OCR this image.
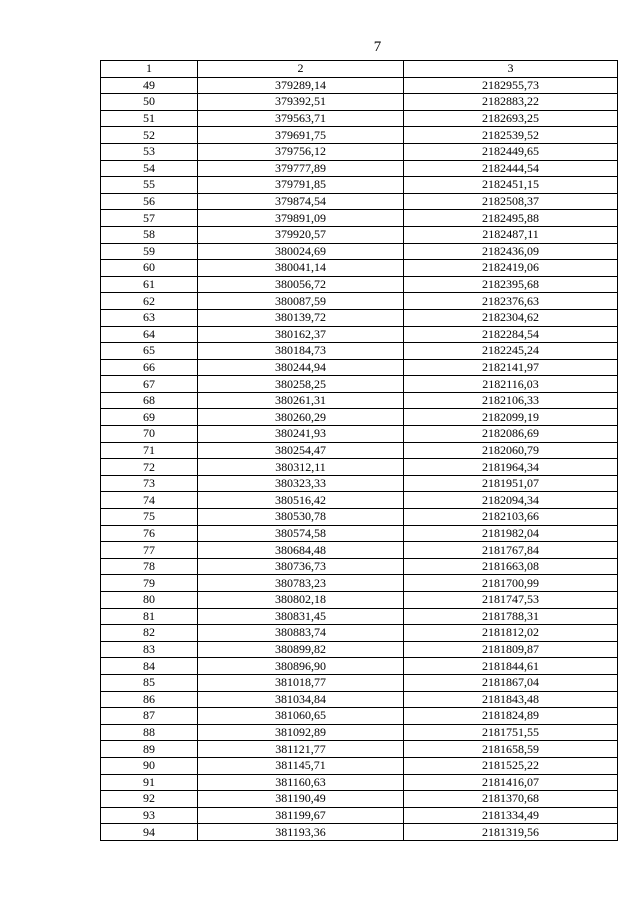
7
1	2	3
49	379289,14	2182955,73
50	379392,51	2182883,22
51	379563,71	2182693,25
52	379691,75	2182539,52
53	379756,12	2182449,65
54	379777,89	2182444,54
55	379791,85	2182451,15
56	379874,54	2182508,37
57	379891,09	2182495,88
58	379920,57	2182487,11
59	380024,69	2182436,09
60	380041,14	2182419,06
61	380056,72	2182395,68
62	380087,59	2182376,63
63	380139,72	2182304,62
64	380162,37	2182284,54
65	380184,73	2182245,24
66	380244,94	2182141,97
67	380258,25	2182116,03
68	380261,31	2182106,33
69	380260,29	2182099,19
70	380241,93	2182086,69
71	380254,47	2182060,79
72	380312,11	2181964,34
73	380323,33	2181951,07
74	380516,42	2182094,34
75	380530,78	2182103,66
76	380574,58	2181982,04
77	380684,48	2181767,84
78	380736,73	2181663,08
79	380783,23	2181700,99
80	380802,18	2181747,53
81	380831,45	2181788,31
82	380883,74	2181812,02
83	380899,82	2181809,87
84	380896,90	2181844,61
85	381018,77	2181867,04
86	381034,84	2181843,48
87	381060,65	2181824,89
88	381092,89	2181751,55
89	381121,77	2181658,59
90	381145,71	2181525,22
91	381160,63	2181416,07
92	381190,49	2181370,68
93	381199,67	2181334,49
94	381193,36	2181319,56
